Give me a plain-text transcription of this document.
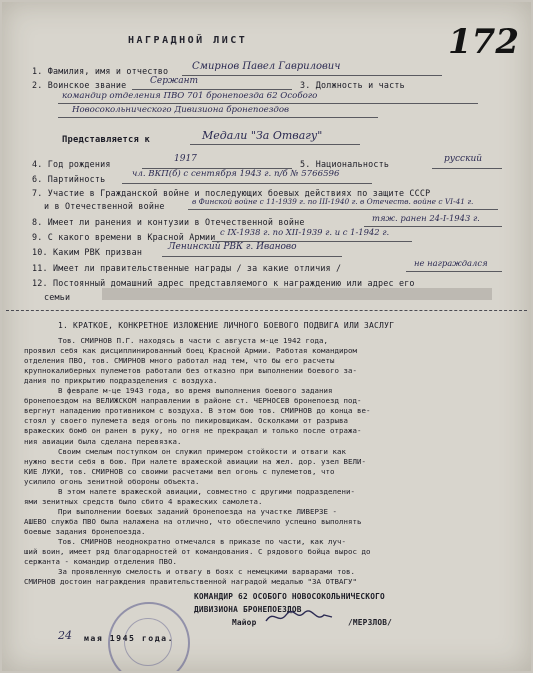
НАГРАДНОЙ ЛИСТ	172
1. Фамилия, имя и отчество Смирнов Павел Гаврилович
2. Воинское звание	Сержант	3. Должность и часть
командир отделения ПВО 701 бронепоезда 62 Особого
Новосокольнического Дивизиона бронепоездов
Представляется к	Медали "За Отвагу"
4. Год рождения	1917	5. Национальность	русский
6. Партийность	чл. ВКП(б) с сентября 1943 г. п/б № 5766596
7. Участие в Гражданской войне и последующих боевых действиях по защите СССР
и в Отечественной войне	в Финской войне с 11-1939 г. по III-1940 г. в Отечеств. войне с VI-41 г.
8. Имеет ли ранения и контузии в Отечественной войне	тяж. ранен 24-I-1943 г.
9. С какого времени в Красной Армии с IX-1938 г. по XII-1939 г. и с 1-1942 г.
10. Каким РВК призван	Ленинский РВК г. Иваново
11. Имеет ли правительственные награды / за какие отличия /	не награждался
12. Постоянный домашний адрес представляемого к награждению или адрес его
семьи
1. КРАТКОЕ, КОНКРЕТНОЕ ИЗЛОЖЕНИЕ ЛИЧНОГО БОЕВОГО ПОДВИГА ИЛИ ЗАСЛУГ
Тов. СМИРНОВ П.Г. находясь в части с августа м-це 1942 года,
проявил себя как дисциплинированный боец Красной Армии. Работая командиром
отделения ПВО, тов. СМИРНОВ много работал над тем, что бы его расчеты
крупнокалиберных пулеметов работали без отказно при выполнении боевого за-
дания по прикрытию подразделения с воздуха.
В феврале м-це 1943 года, во время выполнения боевого задания
бронепоездом на ВЕЛИЖСКОМ направлении в районе ст. ЧЕРНОСЕВ бронепоезд под-
вергнут нападению противником с воздуха. В этом бою тов. СМИРНОВ до конца ве-
стоял у своего пулемета ведя огонь по пикировщикам. Осколками от разрыва
вражеских бомб он ранен в руку, но огня не прекращал и только после отража-
ния авиации была сделана перевязка.
Своим смелым поступком он служил примером стойкости и отваги как
нужно вести себя в бою. При налете вражеской авиации на жел. дор. узел ВЕЛИ-
КИЕ ЛУКИ, тов. СМИРНОВ со своими расчетами вел огонь с пулеметов, что
усилило огонь зенитной обороны объекта.
В этом налете вражеской авиации, совместно с другими подразделени-
ями зенитных средств было сбито 4 вражеских самолета.
При выполнении боевых заданий бронепоезда на участке ЛИВЕРЗЕ -
АШЕВО служба ПВО была налажена на отлично, что обеспечило успешно выполнять
боевые задания бронепоезда.
Тов. СМИРНОВ неоднократно отмечался в приказе по части, как луч-
ший воин, имеет ряд благодарностей от командования. С рядового бойца вырос до
сержанта - командир отделения ПВО.
За проявленную смелость и отвагу в боях с немецкими варварами тов.
СМИРНОВ достоин награждения правительственной наградой медалью "ЗА ОТВАГУ"
КОМАНДИР 62 ОСОБОГО НОВОСОКОЛЬНИЧЕСКОГО
ДИВИЗИОНА БРОНЕПОЕЗДОВ
Майор	/МЕРЗЛОВ/
24 мая 1945 года.
